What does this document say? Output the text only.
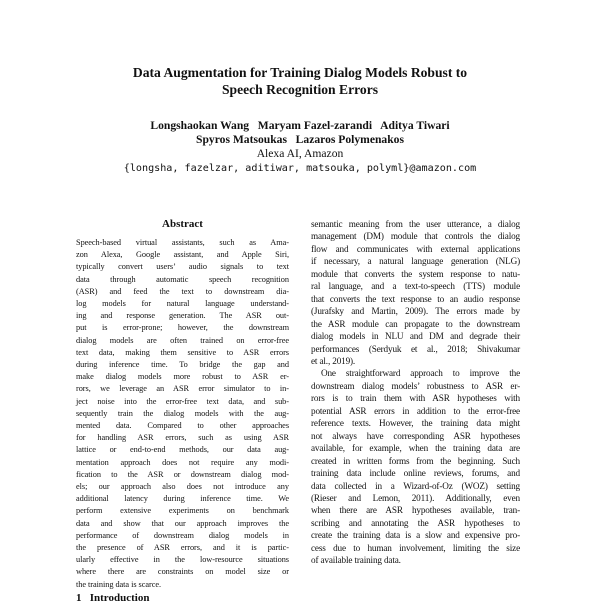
Data Augmentation for Training Dialog Models Robust to
Speech Recognition Errors
Longshaokan Wang   Maryam Fazel-zarandi   Aditya Tiwari
Spyros Matsoukas   Lazaros Polymenakos
Alexa AI, Amazon
{longsha, fazelzar, aditiwar, matsouka, polyml}@amazon.com
Abstract
Speech-based virtual assistants, such as Ama-
zon Alexa, Google assistant, and Apple Siri,
typically convert users’ audio signals to text
data through automatic speech recognition
(ASR) and feed the text to downstream dia-
log models for natural language understand-
ing and response generation. The ASR out-
put is error-prone; however, the downstream
dialog models are often trained on error-free
text data, making them sensitive to ASR errors
during inference time. To bridge the gap and
make dialog models more robust to ASR er-
rors, we leverage an ASR error simulator to in-
ject noise into the error-free text data, and sub-
sequently train the dialog models with the aug-
mented data. Compared to other approaches
for handling ASR errors, such as using ASR
lattice or end-to-end methods, our data aug-
mentation approach does not require any modi-
fication to the ASR or downstream dialog mod-
els; our approach also does not introduce any
additional latency during inference time. We
perform extensive experiments on benchmark
data and show that our approach improves the
performance of downstream dialog models in
the presence of ASR errors, and it is partic-
ularly effective in the low-resource situations
where there are constraints on model size or
the training data is scarce.
1   Introduction
semantic meaning from the user utterance, a dialog
management (DM) module that controls the dialog
flow and communicates with external applications
if necessary, a natural language generation (NLG)
module that converts the system response to natu-
ral language, and a text-to-speech (TTS) module
that converts the text response to an audio response
(Jurafsky and Martin, 2009). The errors made by
the ASR module can propagate to the downstream
dialog models in NLU and DM and degrade their
performances (Serdyuk et al., 2018; Shivakumar
et al., 2019).
One straightforward approach to improve the
downstream dialog models’ robustness to ASR er-
rors is to train them with ASR hypotheses with
potential ASR errors in addition to the error-free
reference texts. However, the training data might
not always have corresponding ASR hypotheses
available, for example, when the training data are
created in written forms from the beginning. Such
training data include online reviews, forums, and
data collected in a Wizard-of-Oz (WOZ) setting
(Rieser and Lemon, 2011). Additionally, even
when there are ASR hypotheses available, tran-
scribing and annotating the ASR hypotheses to
create the training data is a slow and expensive pro-
cess due to human involvement, limiting the size
of available training data.
